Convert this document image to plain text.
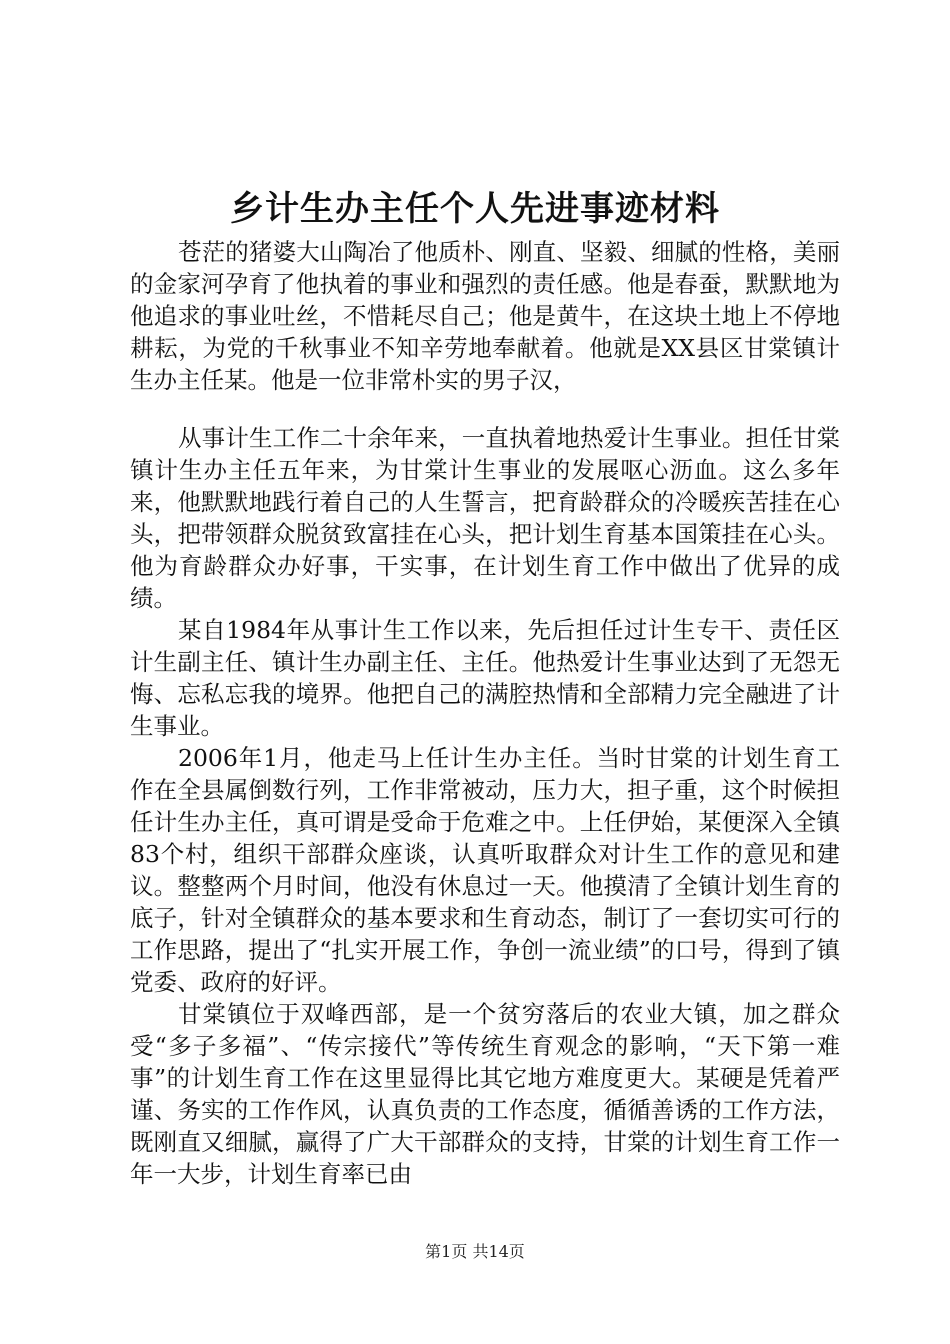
乡计生办主任个人先进事迹材料

苍茫的猪婆大山陶冶了他质朴、刚直、坚毅、细腻的性格，美丽的金家河孕育了他执着的事业和强烈的责任感。他是春蚕，默默地为他追求的事业吐丝，不惜耗尽自己；他是黄牛，在这块土地上不停地耕耘，为党的千秋事业不知辛劳地奉献着。他就是XX县区甘棠镇计生办主任某。他是一位非常朴实的男子汉，

从事计生工作二十余年来，一直执着地热爱计生事业。担任甘棠镇计生办主任五年来，为甘棠计生事业的发展呕心沥血。这么多年来，他默默地践行着自己的人生誓言，把育龄群众的冷暖疾苦挂在心头，把带领群众脱贫致富挂在心头，把计划生育基本国策挂在心头。他为育龄群众办好事，干实事，在计划生育工作中做出了优异的成绩。

某自1984年从事计生工作以来，先后担任过计生专干、责任区计生副主任、镇计生办副主任、主任。他热爱计生事业达到了无怨无悔、忘私忘我的境界。他把自己的满腔热情和全部精力完全融进了计生事业。

2006年1月，他走马上任计生办主任。当时甘棠的计划生育工作在全县属倒数行列，工作非常被动，压力大，担子重，这个时候担任计生办主任，真可谓是受命于危难之中。上任伊始，某便深入全镇83个村，组织干部群众座谈，认真听取群众对计生工作的意见和建议。整整两个月时间，他没有休息过一天。他摸清了全镇计划生育的底子，针对全镇群众的基本要求和生育动态，制订了一套切实可行的工作思路，提出了“扎实开展工作，争创一流业绩”的口号，得到了镇党委、政府的好评。

甘棠镇位于双峰西部，是一个贫穷落后的农业大镇，加之群众受“多子多福”、“传宗接代”等传统生育观念的影响，“天下第一难事”的计划生育工作在这里显得比其它地方难度更大。某硬是凭着严谨、务实的工作作风，认真负责的工作态度，循循善诱的工作方法，既刚直又细腻，赢得了广大干部群众的支持，甘棠的计划生育工作一年一大步，计划生育率已由

第1页 共14页
